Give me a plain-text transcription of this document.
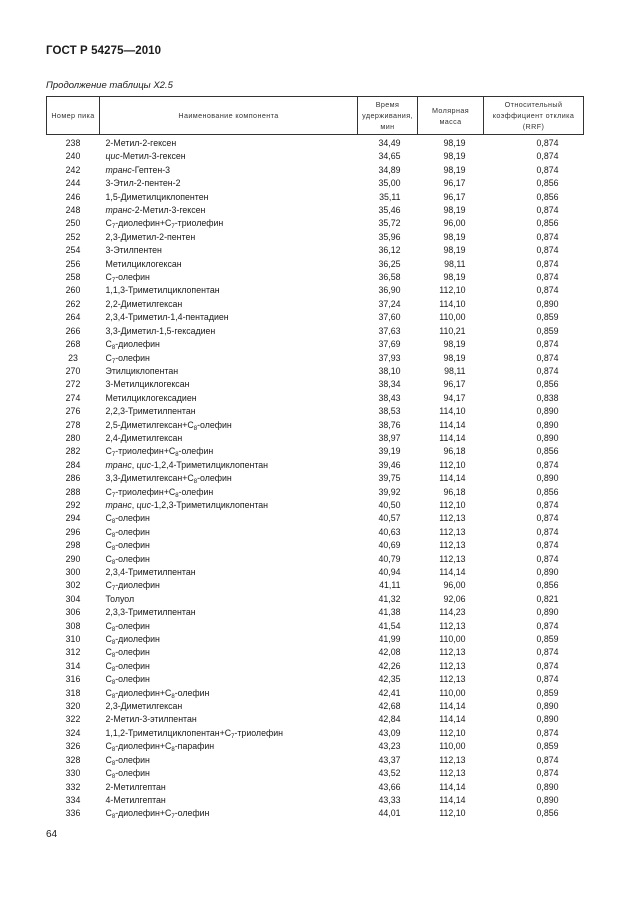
ГОСТ Р 54275—2010
Продолжение таблицы Х2.5
Номер пика	Наименование компонента	Время удерживания, мин	Молярная масса	Относительный коэффициент отклика (RRF)
238	2-Метил-2-гексен	34,49	98,19	0,874
240	цис-Метил-3-гексен	34,65	98,19	0,874
242	транс-Гептен-3	34,89	98,19	0,874
244	3-Этил-2-пентен-2	35,00	96,17	0,856
246	1,5-Диметилциклопентен	35,11	96,17	0,856
248	транс-2-Метил-3-гексен	35,46	98,19	0,874
250	$C_7-диолефин+C_7$-триолефин	35,72	96,00	0,856
252	2,3-Диметил-2-пентен	35,96	98,19	0,874
254	3-Этилпентен	36,12	98,19	0,874
256	Метилциклогексан	36,25	98,11	0,874
258	$C_7$-олефин	36,58	98,19	0,874
260	1,1,3-Триметилциклопентан	36,90	112,10	0,874
262	2,2-Диметилгексан	37,24	114,10	0,890
264	2,3,4-Триметил-1,4-пентадиен	37,60	110,00	0,859
266	3,3-Диметил-1,5-гексадиен	37,63	110,21	0,859
268	$C_8$-диолефин	37,69	98,19	0,874
23	$C_7$-олефин	37,93	98,19	0,874
270	Этилциклопентан	38,10	98,11	0,874
272	3-Метилциклогексан	38,34	96,17	0,856
274	Метилциклогексадиен	38,43	94,17	0,838
276	2,2,3-Триметилпентан	38,53	114,10	0,890
278	$2,5-Диметилгексан+C_8$-олефин	38,76	114,14	0,890
280	2,4-Диметилгексан	38,97	114,14	0,890
282	$C_7-триолефин+C_8$-олефин	39,19	96,18	0,856
284	транс, цис-1,2,4-Триметилциклопентан	39,46	112,10	0,874
286	$3,3-Диметилгексан+C_8$-олефин	39,75	114,14	0,890
288	$C_7-триолефин+C_8$-олефин	39,92	96,18	0,856
292	транс, цис-1,2,3-Триметилциклопентан	40,50	112,10	0,874
294	$C_8$-олефин	40,57	112,13	0,874
296	$C_8$-олефин	40,63	112,13	0,874
298	$C_8$-олефин	40,69	112,13	0,874
290	$C_8$-олефин	40,79	112,13	0,874
300	2,3,4-Триметилпентан	40,94	114,14	0,890
302	$C_7$-диолефин	41,11	96,00	0,856
304	Толуол	41,32	92,06	0,821
306	2,3,3-Триметилпентан	41,38	114,23	0,890
308	$C_8$-олефин	41,54	112,13	0,874
310	$C_8$-диолефин	41,99	110,00	0,859
312	$C_8$-олефин	42,08	112,13	0,874
314	$C_8$-олефин	42,26	112,13	0,874
316	$C_8$-олефин	42,35	112,13	0,874
318	$C_8-диолефин+C_8$-олефин	42,41	110,00	0,859
320	2,3-Диметилгексан	42,68	114,14	0,890
322	2-Метил-3-этилпентан	42,84	114,14	0,890
324	$1,1,2-Триметилциклопентан+C_7$-триолефин	43,09	112,10	0,874
326	$C_8-диолефин+C_8$-парафин	43,23	110,00	0,859
328	$C_8$-олефин	43,37	112,13	0,874
330	$C_8$-олефин	43,52	112,13	0,874
332	2-Метилгептан	43,66	114,14	0,890
334	4-Метилгептан	43,33	114,14	0,890
336	$C_8-диолефин+C_7$-олефин	44,01	112,10	0,856
64
